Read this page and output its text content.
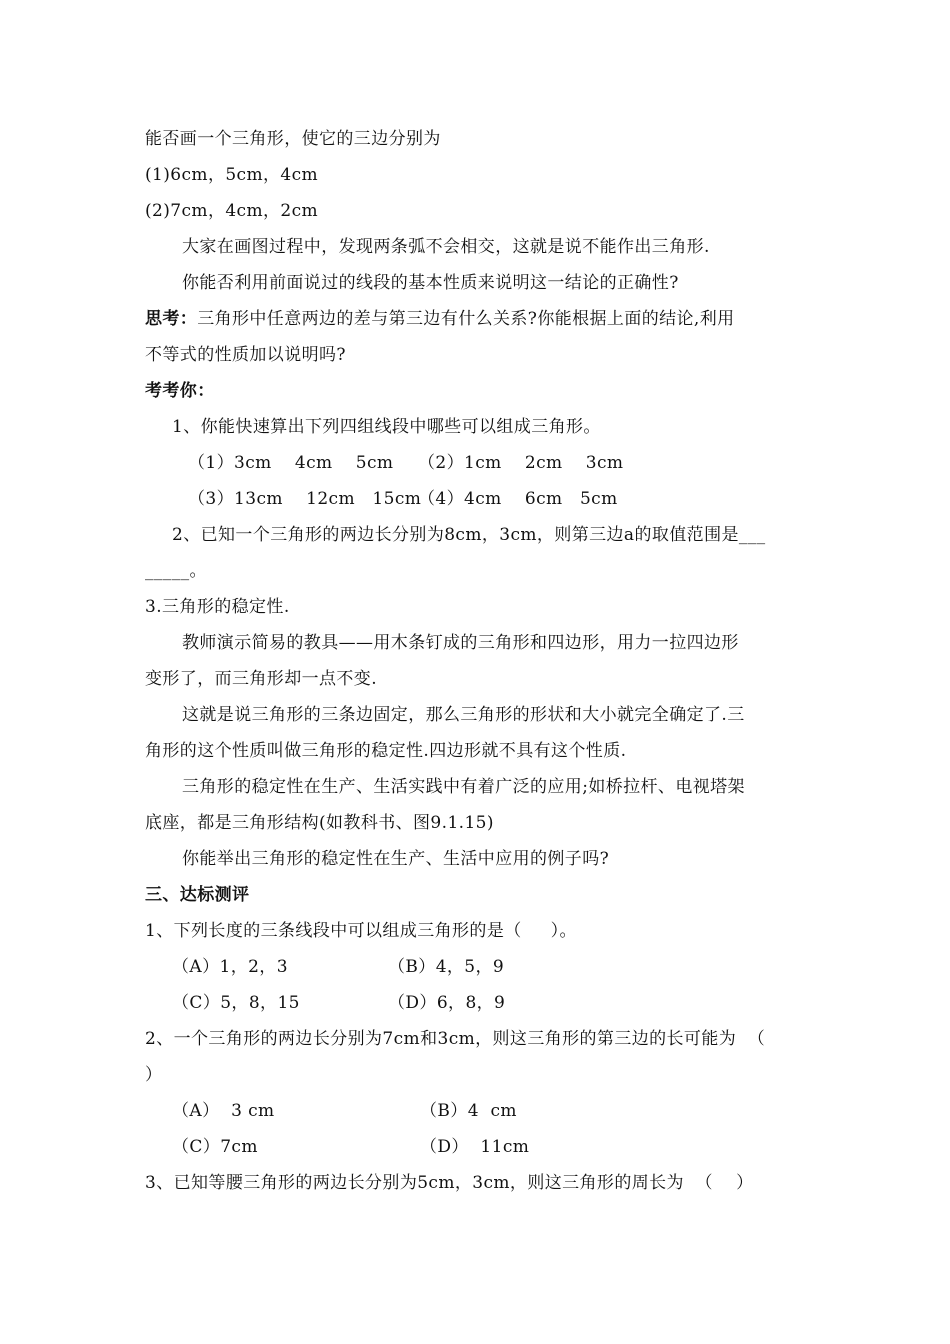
能否画一个三角形，使它的三边分别为
(1)6cm，5cm，4cm
(2)7cm，4cm，2cm
大家在画图过程中，发现两条弧不会相交，这就是说不能作出三角形.
你能否利用前面说过的线段的基本性质来说明这一结论的正确性?
思考：三角形中任意两边的差与第三边有什么关系?你能根据上面的结论,利用
不等式的性质加以说明吗?
考考你：
1、你能快速算出下列四组线段中哪些可以组成三角形。
（1）3cm    4cm    5cm （2）1cm    2cm    3cm
（3）13cm    12cm   15cm
（4）4cm    6cm   5cm
2、已知一个三角形的两边长分别为8cm，3cm，则第三边a的取值范围是___
_____。
3.三角形的稳定性.
教师演示简易的教具——用木条钉成的三角形和四边形，用力一拉四边形
变形了，而三角形却一点不变.
这就是说三角形的三条边固定，那么三角形的形状和大小就完全确定了.三
角形的这个性质叫做三角形的稳定性.四边形就不具有这个性质.
三角形的稳定性在生产、生活实践中有着广泛的应用;如桥拉杆、电视塔架
底座，都是三角形结构(如教科书、图9.1.15)
你能举出三角形的稳定性在生产、生活中应用的例子吗?
三、达标测评
1、下列长度的三条线段中可以组成三角形的是（     ）。
（A）1，2，3	（B）4，5，9
（C）5，8，15	（D）6，8，9
2、一个三角形的两边长分别为7cm和3cm，则这三角形的第三边的长可能为  （
）
（A）  3 cm	（B）4  cm
（C）7cm	（D）  11cm
3、已知等腰三角形的两边长分别为5cm，3cm，则这三角形的周长为  （    ）
